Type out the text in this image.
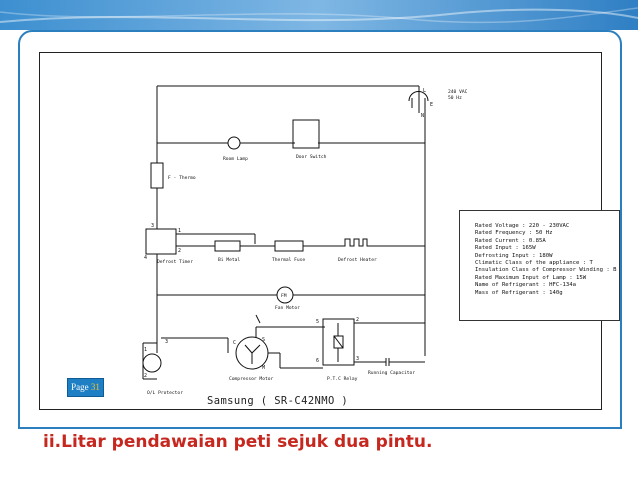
Room Lamp	Door Switch
F - Thermo
Defrost Timer	Bi Metal	Thermal Fuse	Defrost Heater
FM
Fan Motor
Compressor Motor	P.T.C Relay
Running Capacitor
O/L Protector
C	S
M
3
1
2
4
3
1
2
5
6
2
3
L
E
N
240 VAC
50 Hz
Rated Voltage : 220 - 230VAC
Rated Frequency : 50 Hz
Rated Current : 0.85A
Rated Input : 165W
Defrosting Input : 180W
Climatic Class of the appliance : T
Insulation Class of Compressor Winding : B
Rated Maximum Input of Lamp : 15W
Name of Refrigerant : HFC-134a
Mass of Refrigerant : 140g
Page 31
Samsung ( SR-C42NMO )
ii.Litar pendawaian peti sejuk dua pintu.
